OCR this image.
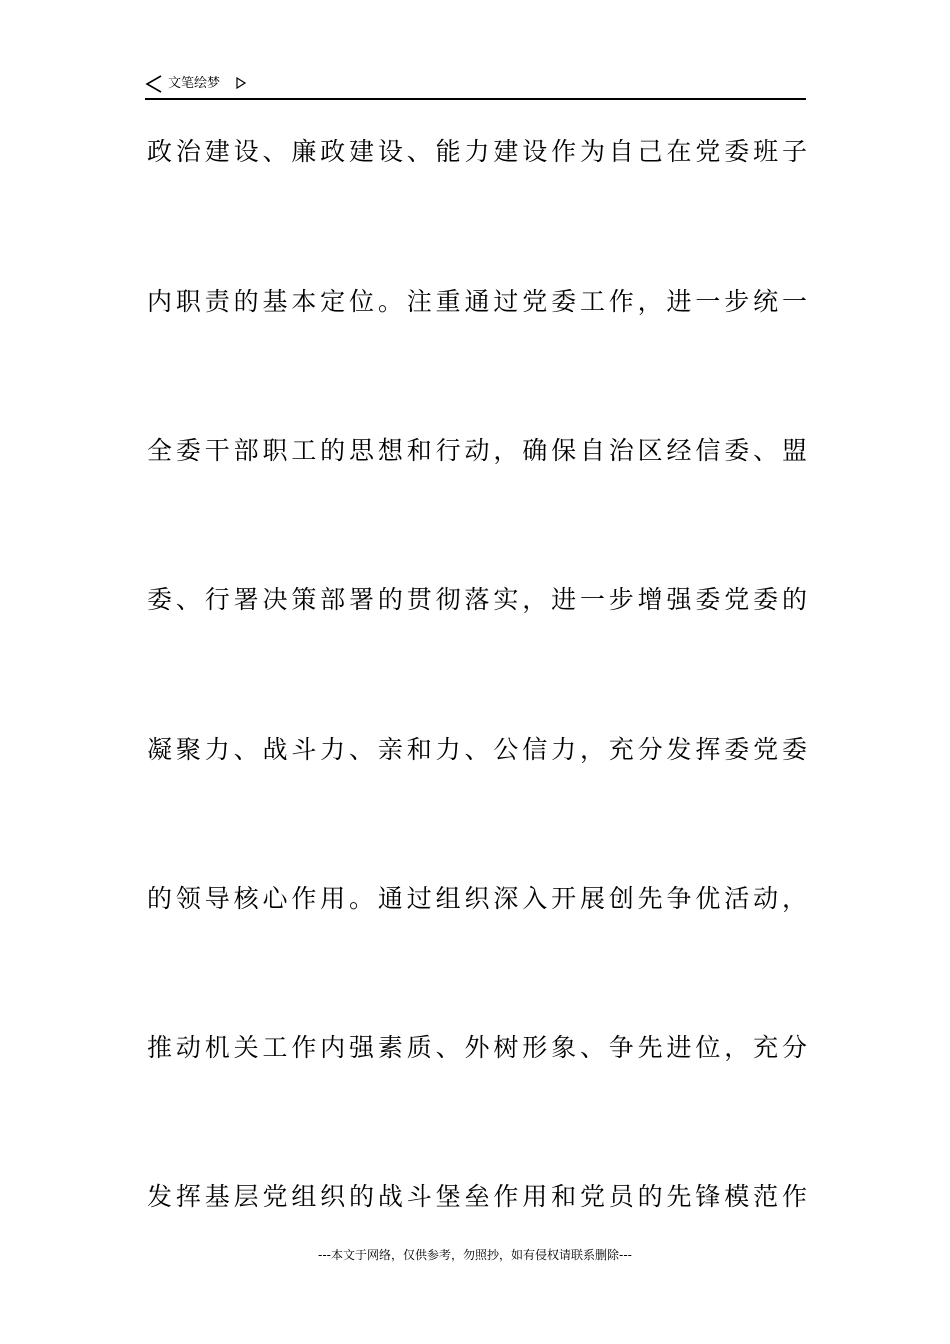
文笔绘梦
政治建设、廉政建设、能力建设作为自己在党委班子
内职责的基本定位。注重通过党委工作，进一步统一
全委干部职工的思想和行动，确保自治区经信委、盟
委、行署决策部署的贯彻落实，进一步增强委党委的
凝聚力、战斗力、亲和力、公信力，充分发挥委党委
的领导核心作用。通过组织深入开展创先争优活动，
推动机关工作内强素质、外树形象、争先进位，充分
发挥基层党组织的战斗堡垒作用和党员的先锋模范作
---本文于网络，仅供参考，勿照抄，如有侵权请联系删除---
